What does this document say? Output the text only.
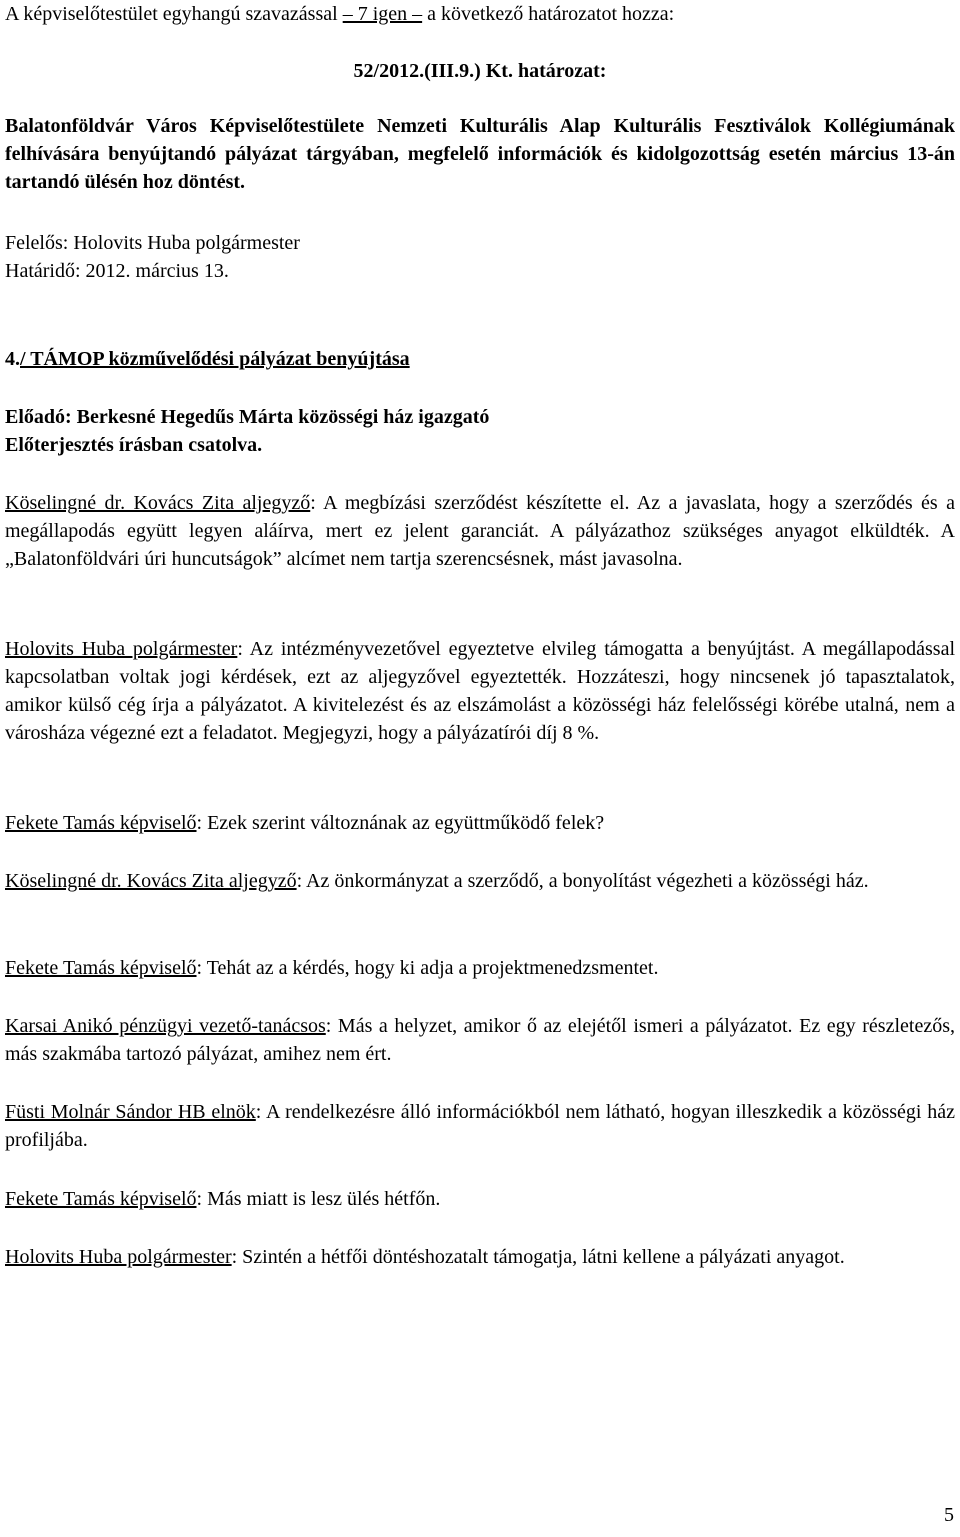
A képviselőtestület egyhangú szavazással – 7 igen – a következő határozatot hozza:

52/2012.(III.9.) Kt. határozat:

Balatonföldvár Város Képviselőtestülete Nemzeti Kulturális Alap Kulturális Fesztiválok Kollégiumának felhívására benyújtandó pályázat tárgyában, megfelelő információk és kidolgozottság esetén március 13-án tartandó ülésén hoz döntést.

Felelős: Holovits Huba polgármester

Határidő: 2012. március 13.

4./ TÁMOP közművelődési pályázat benyújtása

Előadó: Berkesné Hegedűs Márta közösségi ház igazgató

Előterjesztés írásban csatolva.

Köselingné dr. Kovács Zita aljegyző: A megbízási szerződést készítette el. Az a javaslata, hogy a szerződés és a megállapodás együtt legyen aláírva, mert ez jelent garanciát. A pályázathoz szükséges anyagot elküldték. A „Balatonföldvári úri huncutságok” alcímet nem tartja szerencsésnek, mást javasolna.

Holovits Huba polgármester: Az intézményvezetővel egyeztetve elvileg támogatta a benyújtást. A megállapodással kapcsolatban voltak jogi kérdések, ezt az aljegyzővel egyeztették. Hozzáteszi, hogy nincsenek jó tapasztalatok, amikor külső cég írja a pályázatot. A kivitelezést és az elszámolást a közösségi ház felelősségi körébe utalná, nem a városháza végezné ezt a feladatot. Megjegyzi, hogy a pályázatírói díj 8 %.

Fekete Tamás képviselő: Ezek szerint változnának az együttműködő felek?

Köselingné dr. Kovács Zita aljegyző: Az önkormányzat a szerződő, a bonyolítást végezheti a közösségi ház.

Fekete Tamás képviselő: Tehát az a kérdés, hogy ki adja a projektmenedzsmentet.

Karsai Anikó pénzügyi vezető-tanácsos: Más a helyzet, amikor ő az elejétől ismeri a pályázatot. Ez egy részletezős, más szakmába tartozó pályázat, amihez nem ért.

Füsti Molnár Sándor HB elnök: A rendelkezésre álló információkból nem látható, hogyan illeszkedik a közösségi ház profiljába.

Fekete Tamás képviselő: Más miatt is lesz ülés hétfőn.

Holovits Huba polgármester: Szintén a hétfői döntéshozatalt támogatja, látni kellene a pályázati anyagot.

5
